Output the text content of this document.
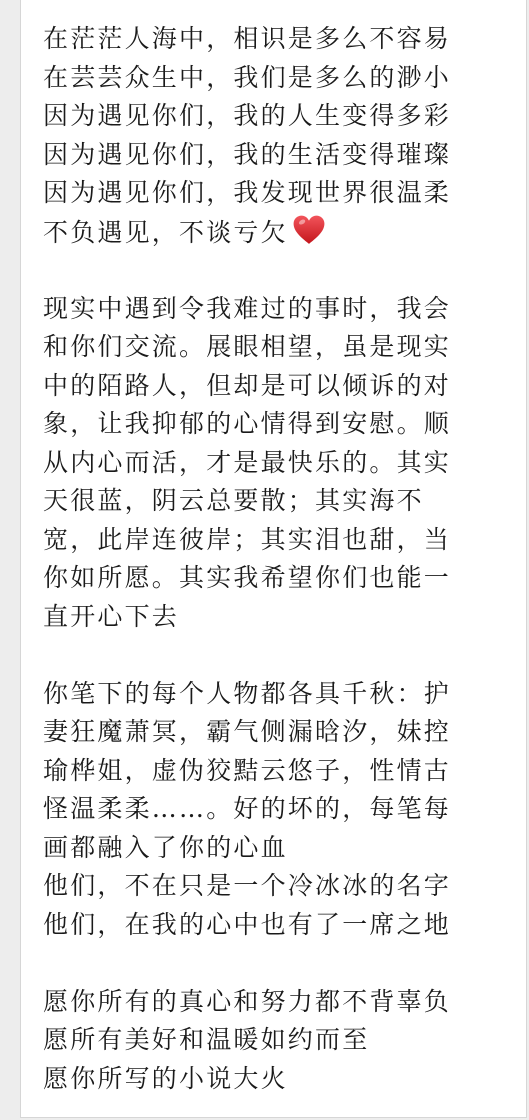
在茫茫人海中，相识是多么不容易
在芸芸众生中，我们是多么的渺小
因为遇见你们，我的人生变得多彩
因为遇见你们，我的生活变得璀璨
因为遇见你们，我发现世界很温柔
不负遇见，不谈亏欠
现实中遇到令我难过的事时，我会
和你们交流。展眼相望，虽是现实
中的陌路人，但却是可以倾诉的对
象，让我抑郁的心情得到安慰。顺
从内心而活，才是最快乐的。其实
天很蓝，阴云总要散；其实海不
宽，此岸连彼岸；其实泪也甜，当
你如所愿。其实我希望你们也能一
直开心下去
你笔下的每个人物都各具千秋：护
妻狂魔萧冥，霸气侧漏晗汐，妹控
瑜桦姐，虚伪狡黠云悠子，性情古
怪温柔柔……。好的坏的，每笔每
画都融入了你的心血
他们，不在只是一个冷冰冰的名字
他们，在我的心中也有了一席之地
愿你所有的真心和努力都不背辜负
愿所有美好和温暖如约而至
愿你所写的小说大火
